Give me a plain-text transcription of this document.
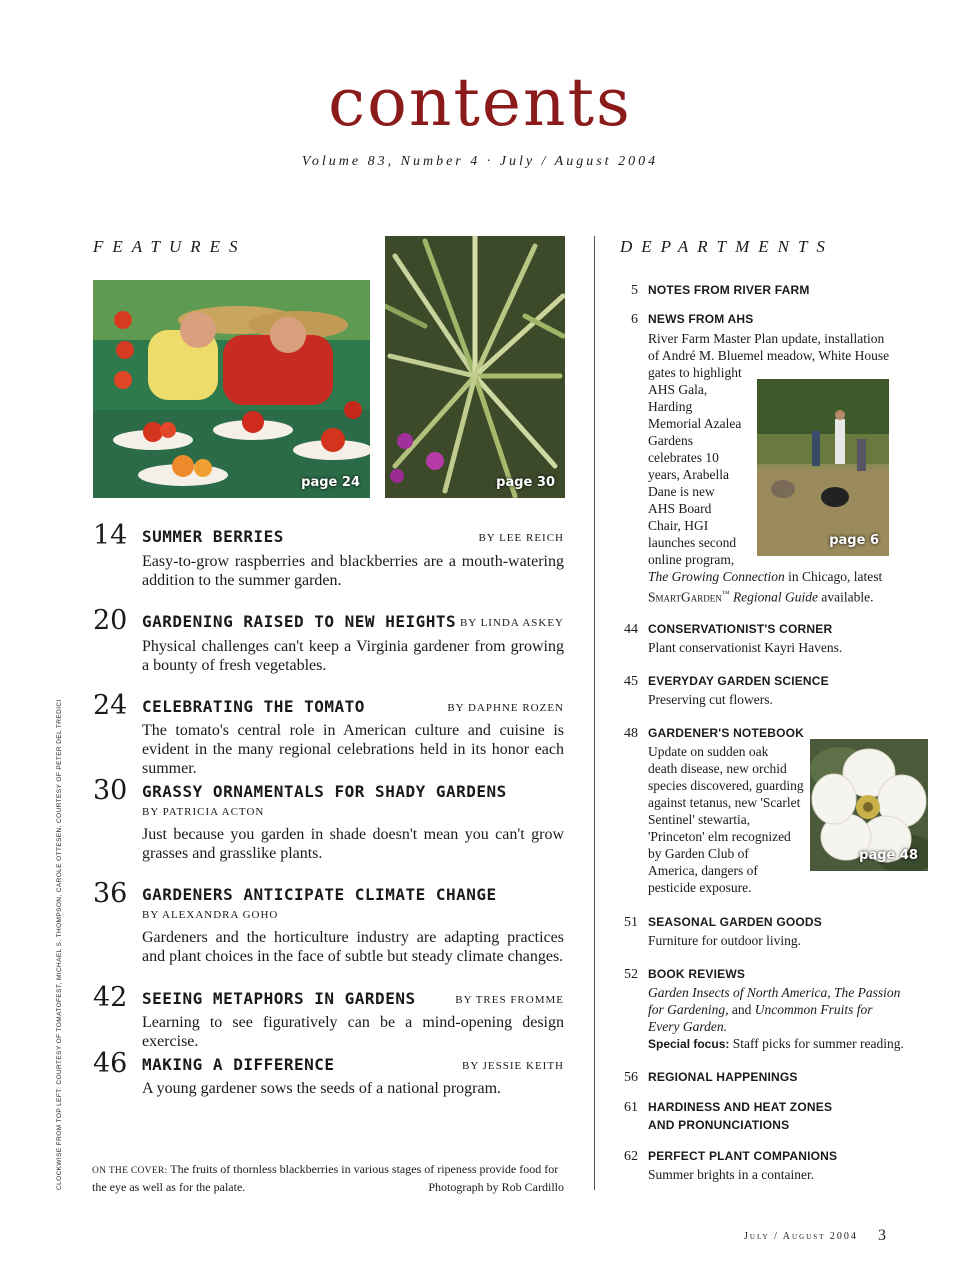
contents
Volume 83, Number 4 · July / August 2004
FEATURES	DEPARTMENTS
page 24	page 30
14 SUMMER BERRIES	BY LEE REICH
Easy-to-grow raspberries and blackberries are a mouth-watering addition to the summer garden.
20 GARDENING RAISED TO NEW HEIGHTS BY LINDA ASKEY
Physical challenges can't keep a Virginia gardener from growing a bounty of fresh vegetables.
24 CELEBRATING THE TOMATO	BY DAPHNE ROZEN
The tomato's central role in American culture and cuisine is evident in the many regional celebrations held in its honor each summer.
30 GRASSY ORNAMENTALS FOR SHADY GARDENS
BY PATRICIA ACTON
Just because you garden in shade doesn't mean you can't grow grasses and grasslike plants.
36 GARDENERS ANTICIPATE CLIMATE CHANGE
BY ALEXANDRA GOHO
Gardeners and the horticulture industry are adapting practices and plant choices in the face of subtle but steady climate changes.
42 SEEING METAPHORS IN GARDENS	BY TRES FROMME
Learning to see figuratively can be a mind-opening design exercise.
46 MAKING A DIFFERENCE	BY JESSIE KEITH
A young gardener sows the seeds of a national program.
CLOCKWISE FROM TOP LEFT: COURTESY OF TOMATOFEST, MICHAEL S. THOMPSON, CAROLE OTTESEN, COURTESY OF PETER DEL TREDICI	ON THE COVER: The fruits of thornless blackberries in various stages of ripeness provide food for the eye as well as for the palate.	Photograph by Rob Cardillo
5 NOTES FROM RIVER FARM
6 NEWS FROM AHS
River Farm Master Plan update, installation
of André M. Bluemel meadow, White House
gates to highlight
AHS Gala,
Harding
Memorial Azalea
Gardens
celebrates 10
years, Arabella
Dane is new
AHS Board
Chair, HGI
launches second
online program,
The Growing Connection in Chicago, latest
SmartGarden™ Regional Guide available.
page 6
44 CONSERVATIONIST'S CORNER
Plant conservationist Kayri Havens.
45 EVERYDAY GARDEN SCIENCE
Preserving cut flowers.
48 GARDENER'S NOTEBOOK
Update on sudden oak
death disease, new orchid
species discovered, guarding
against tetanus, new 'Scarlet
Sentinel' stewartia,
'Princeton' elm recognized
by Garden Club of
America, dangers of
pesticide exposure.
page 48
51 SEASONAL GARDEN GOODS
Furniture for outdoor living.
52 BOOK REVIEWS
Garden Insects of North America, The Passion
for Gardening, and Uncommon Fruits for
Every Garden.
Special focus: Staff picks for summer reading.
56 REGIONAL HAPPENINGS
61 HARDINESS AND HEAT ZONES
AND PRONUNCIATIONS
62 PERFECT PLANT COMPANIONS
Summer brights in a container.
July / August 2004 3
